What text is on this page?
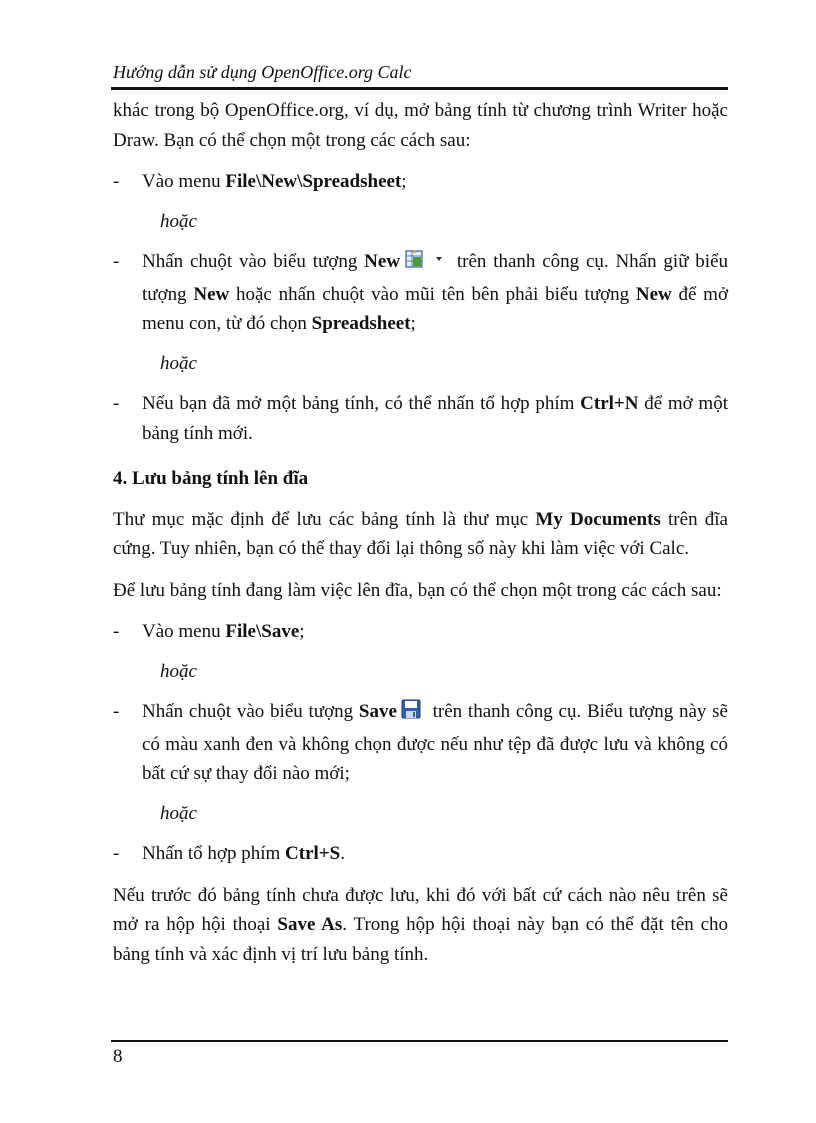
Hướng dẫn sử dụng OpenOffice.org Calc

khác trong bộ OpenOffice.org, ví dụ, mở bảng tính từ chương trình Writer hoặc Draw. Bạn có thể chọn một trong các cách sau:

-	Vào menu File\New\Spreadsheet;
hoặc
-	Nhấn chuột vào biểu tượng New	trên thanh công cụ. Nhấn giữ biểu tượng New hoặc nhấn chuột vào mũi tên bên phải biểu tượng New để mở menu con, từ đó chọn Spreadsheet;
hoặc
-	Nếu bạn đã mở một bảng tính, có thể nhấn tổ hợp phím Ctrl+N để mở một bảng tính mới.
4. Lưu bảng tính lên đĩa

Thư mục mặc định để lưu các bảng tính là thư mục My Documents trên đĩa cứng. Tuy nhiên, bạn có thể thay đổi lại thông số này khi làm việc với Calc.

Để lưu bảng tính đang làm việc lên đĩa, bạn có thể chọn một trong các cách sau:

-	Vào menu File\Save;
hoặc
-	Nhấn chuột vào biểu tượng Save trên thanh công cụ. Biểu tượng này sẽ có màu xanh đen và không chọn được nếu như tệp đã được lưu và không có bất cứ sự thay đổi nào mới;
hoặc
-	Nhấn tổ hợp phím Ctrl+S.

Nếu trước đó bảng tính chưa được lưu, khi đó với bất cứ cách nào nêu trên sẽ mở ra hộp hội thoại Save As. Trong hộp hội thoại này bạn có thể đặt tên cho bảng tính và xác định vị trí lưu bảng tính.

8
